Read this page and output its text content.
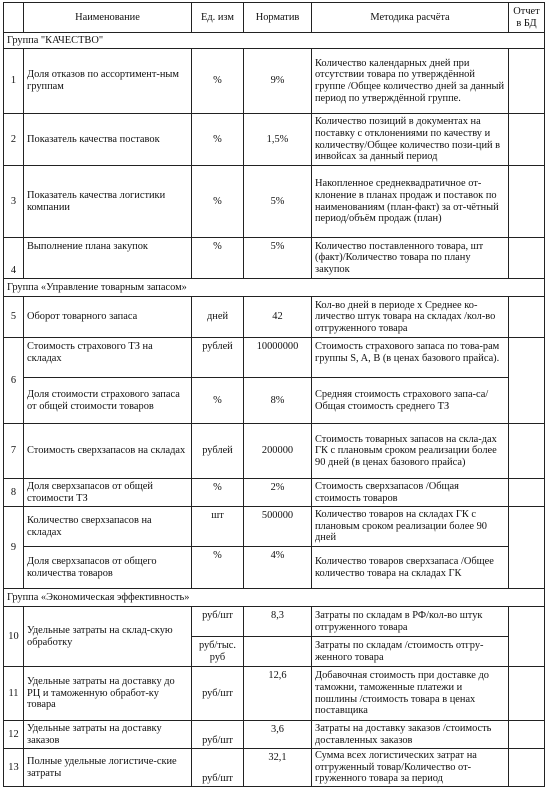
	Наименование	Ед. изм	Норматив	Методика расчёта	Отчет в БД
Группа "КАЧЕСТВО"					
1	Доля отказов по ассортимент-ным группам	%	9%	Количество календарных дней при отсутствии товара по утверждённой группе /Общее количество дней за данный период по утверждённой группе.	
2	Показатель качества поставок	%	1,5%	Количество позиций в документах на поставку с отклонениями по качеству и количеству/Общее количество пози-ций в инвойсах за данный период	
3	Показатель качества логистики компании	%	5%	Накопленное среднеквадратичное от-клонение в планах продаж и поставок по наименованиям (план-факт) за от-чётный период/объём продаж (план)	
4	Выполнение плана закупок	%	5%	Количество поставленного товара, шт (факт)/Количество товара по плану закупок	
Группа «Управление товарным запасом»					
5	Оборот товарного запаса	дней	42	Кол-во дней в периоде х Среднее ко-личество штук товара на складах /кол-во отгруженного товара	
6	Стоимость страхового ТЗ на складах	рублей	10000000	Стоимость страхового запаса по това-рам группы S, A, B (в ценах базового прайса).	
	Доля стоимости страхового запаса от общей стоимости товаров	%	8%	Средняя стоимость страхового запа-са/Общая стоимость среднего ТЗ	
7	Стоимость сверхзапасов на складах	рублей	200000	Стоимость товарных запасов на скла-дах ГК с плановым сроком реализации более 90 дней (в ценах базового прайса)	
8	Доля сверхзапасов от общей стоимости ТЗ	%	2%	Стоимость сверхзапасов /Общая стоимость товаров	
9	Количество сверхзапасов на складах	шт	500000	Количество товаров на складах ГК с плановым сроком реализации более 90 дней	
	Доля сверхзапасов от общего количества товаров	%	4%	Количество товаров сверхзапаса /Общее количество товара на складах ГК	
Группа «Экономическая эффективность»					
10	Удельные затраты на склад-скую обработку	руб/шт	8,3	Затраты по складам в РФ/кол-во штук отгруженного товара	
		руб/тыс. руб		Затраты по складам /стоимость отгру-женного товара	
11	Удельные затраты на доставку до РЦ и таможенную обработ-ку товара	руб/шт	12,6	Добавочная стоимость при доставке до таможни, таможенные платежи и пошлины /стоимость товара в ценах поставщика	
12	Удельные затраты на доставку заказов	руб/шт	3,6	Затраты на доставку заказов /стоимость доставленных заказов	
13	Полные удельные логистиче-ские затраты	руб/шт	32,1	Сумма всех логистических затрат на отгруженный товар/Количество от-груженного товара за период	
